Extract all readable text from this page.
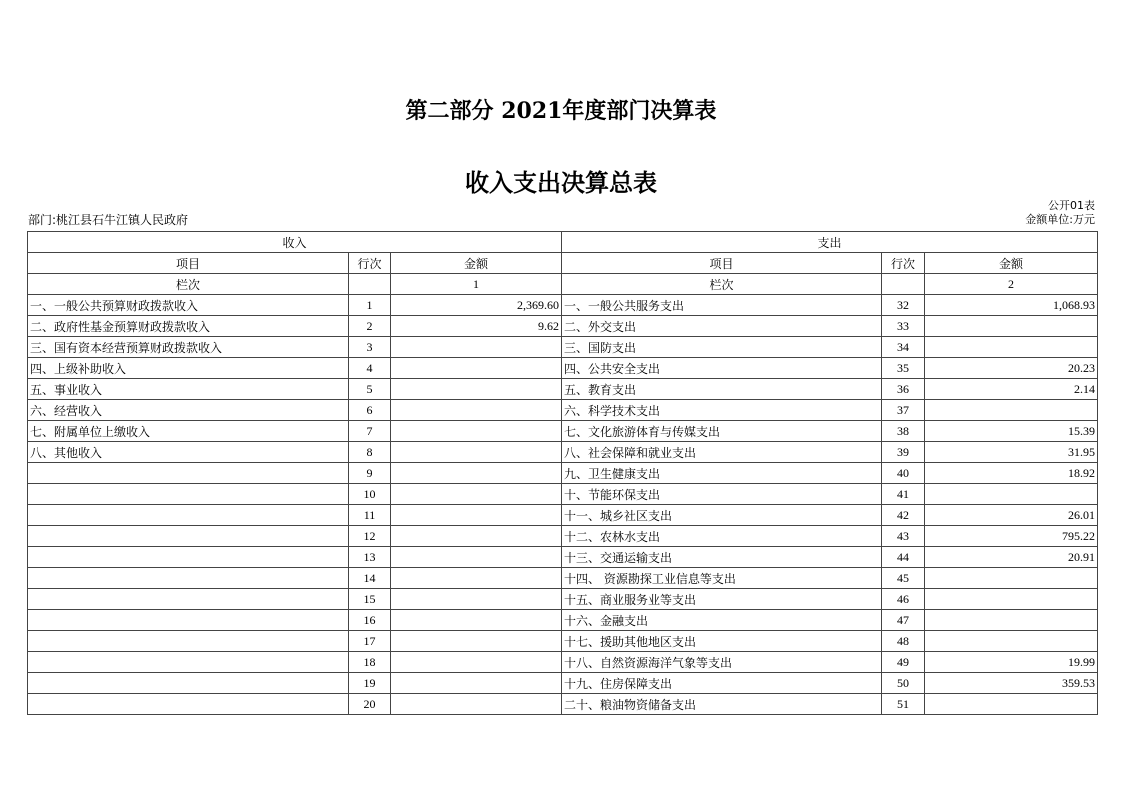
第二部分 2021年度部门决算表
收入支出决算总表
公开01表
部门:桃江县石牛江镇人民政府	金额单位:万元
收入			支出		
项目	行次	金额	项目	行次	金额
栏次		1	栏次		2
一、一般公共预算财政拨款收入	1	2,369.60	一、一般公共服务支出	32	1,068.93
二、政府性基金预算财政拨款收入	2	9.62	二、外交支出	33	
三、国有资本经营预算财政拨款收入	3		三、国防支出	34	
四、上级补助收入	4		四、公共安全支出	35	20.23
五、事业收入	5		五、教育支出	36	2.14
六、经营收入	6		六、科学技术支出	37	
七、附属单位上缴收入	7		七、文化旅游体育与传媒支出	38	15.39
八、其他收入	8		八、社会保障和就业支出	39	31.95
	9		九、卫生健康支出	40	18.92
	10		十、节能环保支出	41	
	11		十一、城乡社区支出	42	26.01
	12		十二、农林水支出	43	795.22
	13		十三、交通运输支出	44	20.91
	14		十四、 资源勘探工业信息等支出	45	
	15		十五、商业服务业等支出	46	
	16		十六、金融支出	47	
	17		十七、援助其他地区支出	48	
	18		十八、自然资源海洋气象等支出	49	19.99
	19		十九、住房保障支出	50	359.53
	20		二十、粮油物资储备支出	51	
